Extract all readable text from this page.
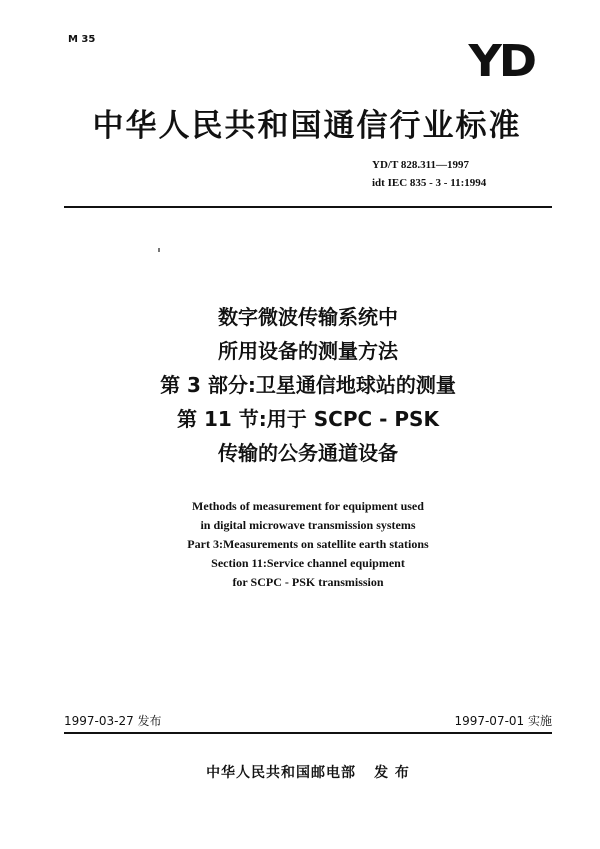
M 35	YD
中华人民共和国通信行业标准
YD/T 828.311—1997
idt IEC 835 - 3 - 11:1994
数字微波传输系统中
所用设备的测量方法
第 3 部分:卫星通信地球站的测量
第 11 节:用于 SCPC - PSK
传输的公务通道设备
Methods of measurement for equipment used
in digital microwave transmission systems
Part 3:Measurements on satellite earth stations
Section 11:Service channel equipment
for SCPC - PSK transmission
1997-03-27 发布	1997-07-01 实施
中华人民共和国邮电部 发 布
